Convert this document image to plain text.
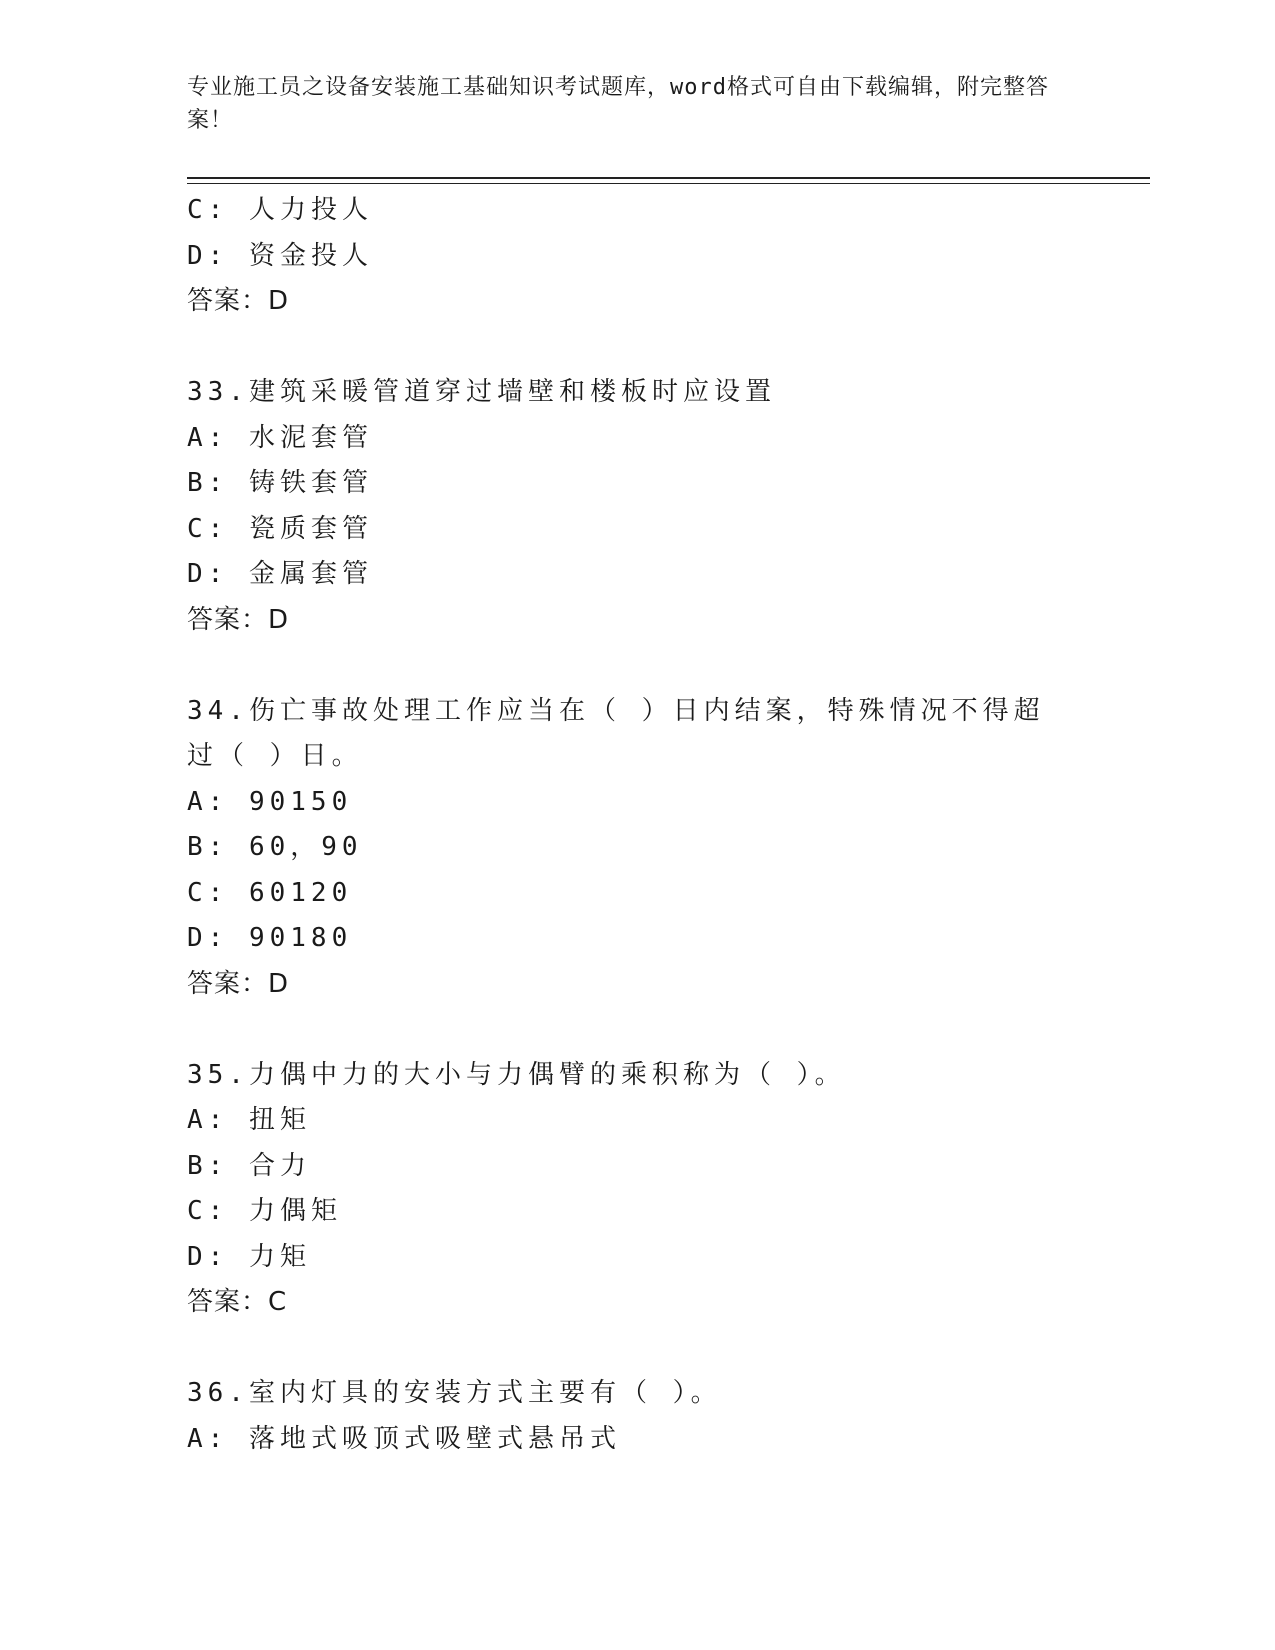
专业施工员之设备安装施工基础知识考试题库，word格式可自由下载编辑，附完整答案！
C: 人力投人
D: 资金投人
答案：D
33.建筑采暖管道穿过墙壁和楼板时应设置
A: 水泥套管
B: 铸铁套管
C: 瓷质套管
D: 金属套管
答案：D
34.伤亡事故处理工作应当在（ ）日内结案，特殊情况不得超过（ ）日。
A: 90150
B: 60，90
C: 60120
D: 90180
答案：D
35.力偶中力的大小与力偶臂的乘积称为（ ）。
A: 扭矩
B: 合力
C: 力偶矩
D: 力矩
答案：C
36.室内灯具的安装方式主要有（ ）。
A: 落地式吸顶式吸壁式悬吊式
